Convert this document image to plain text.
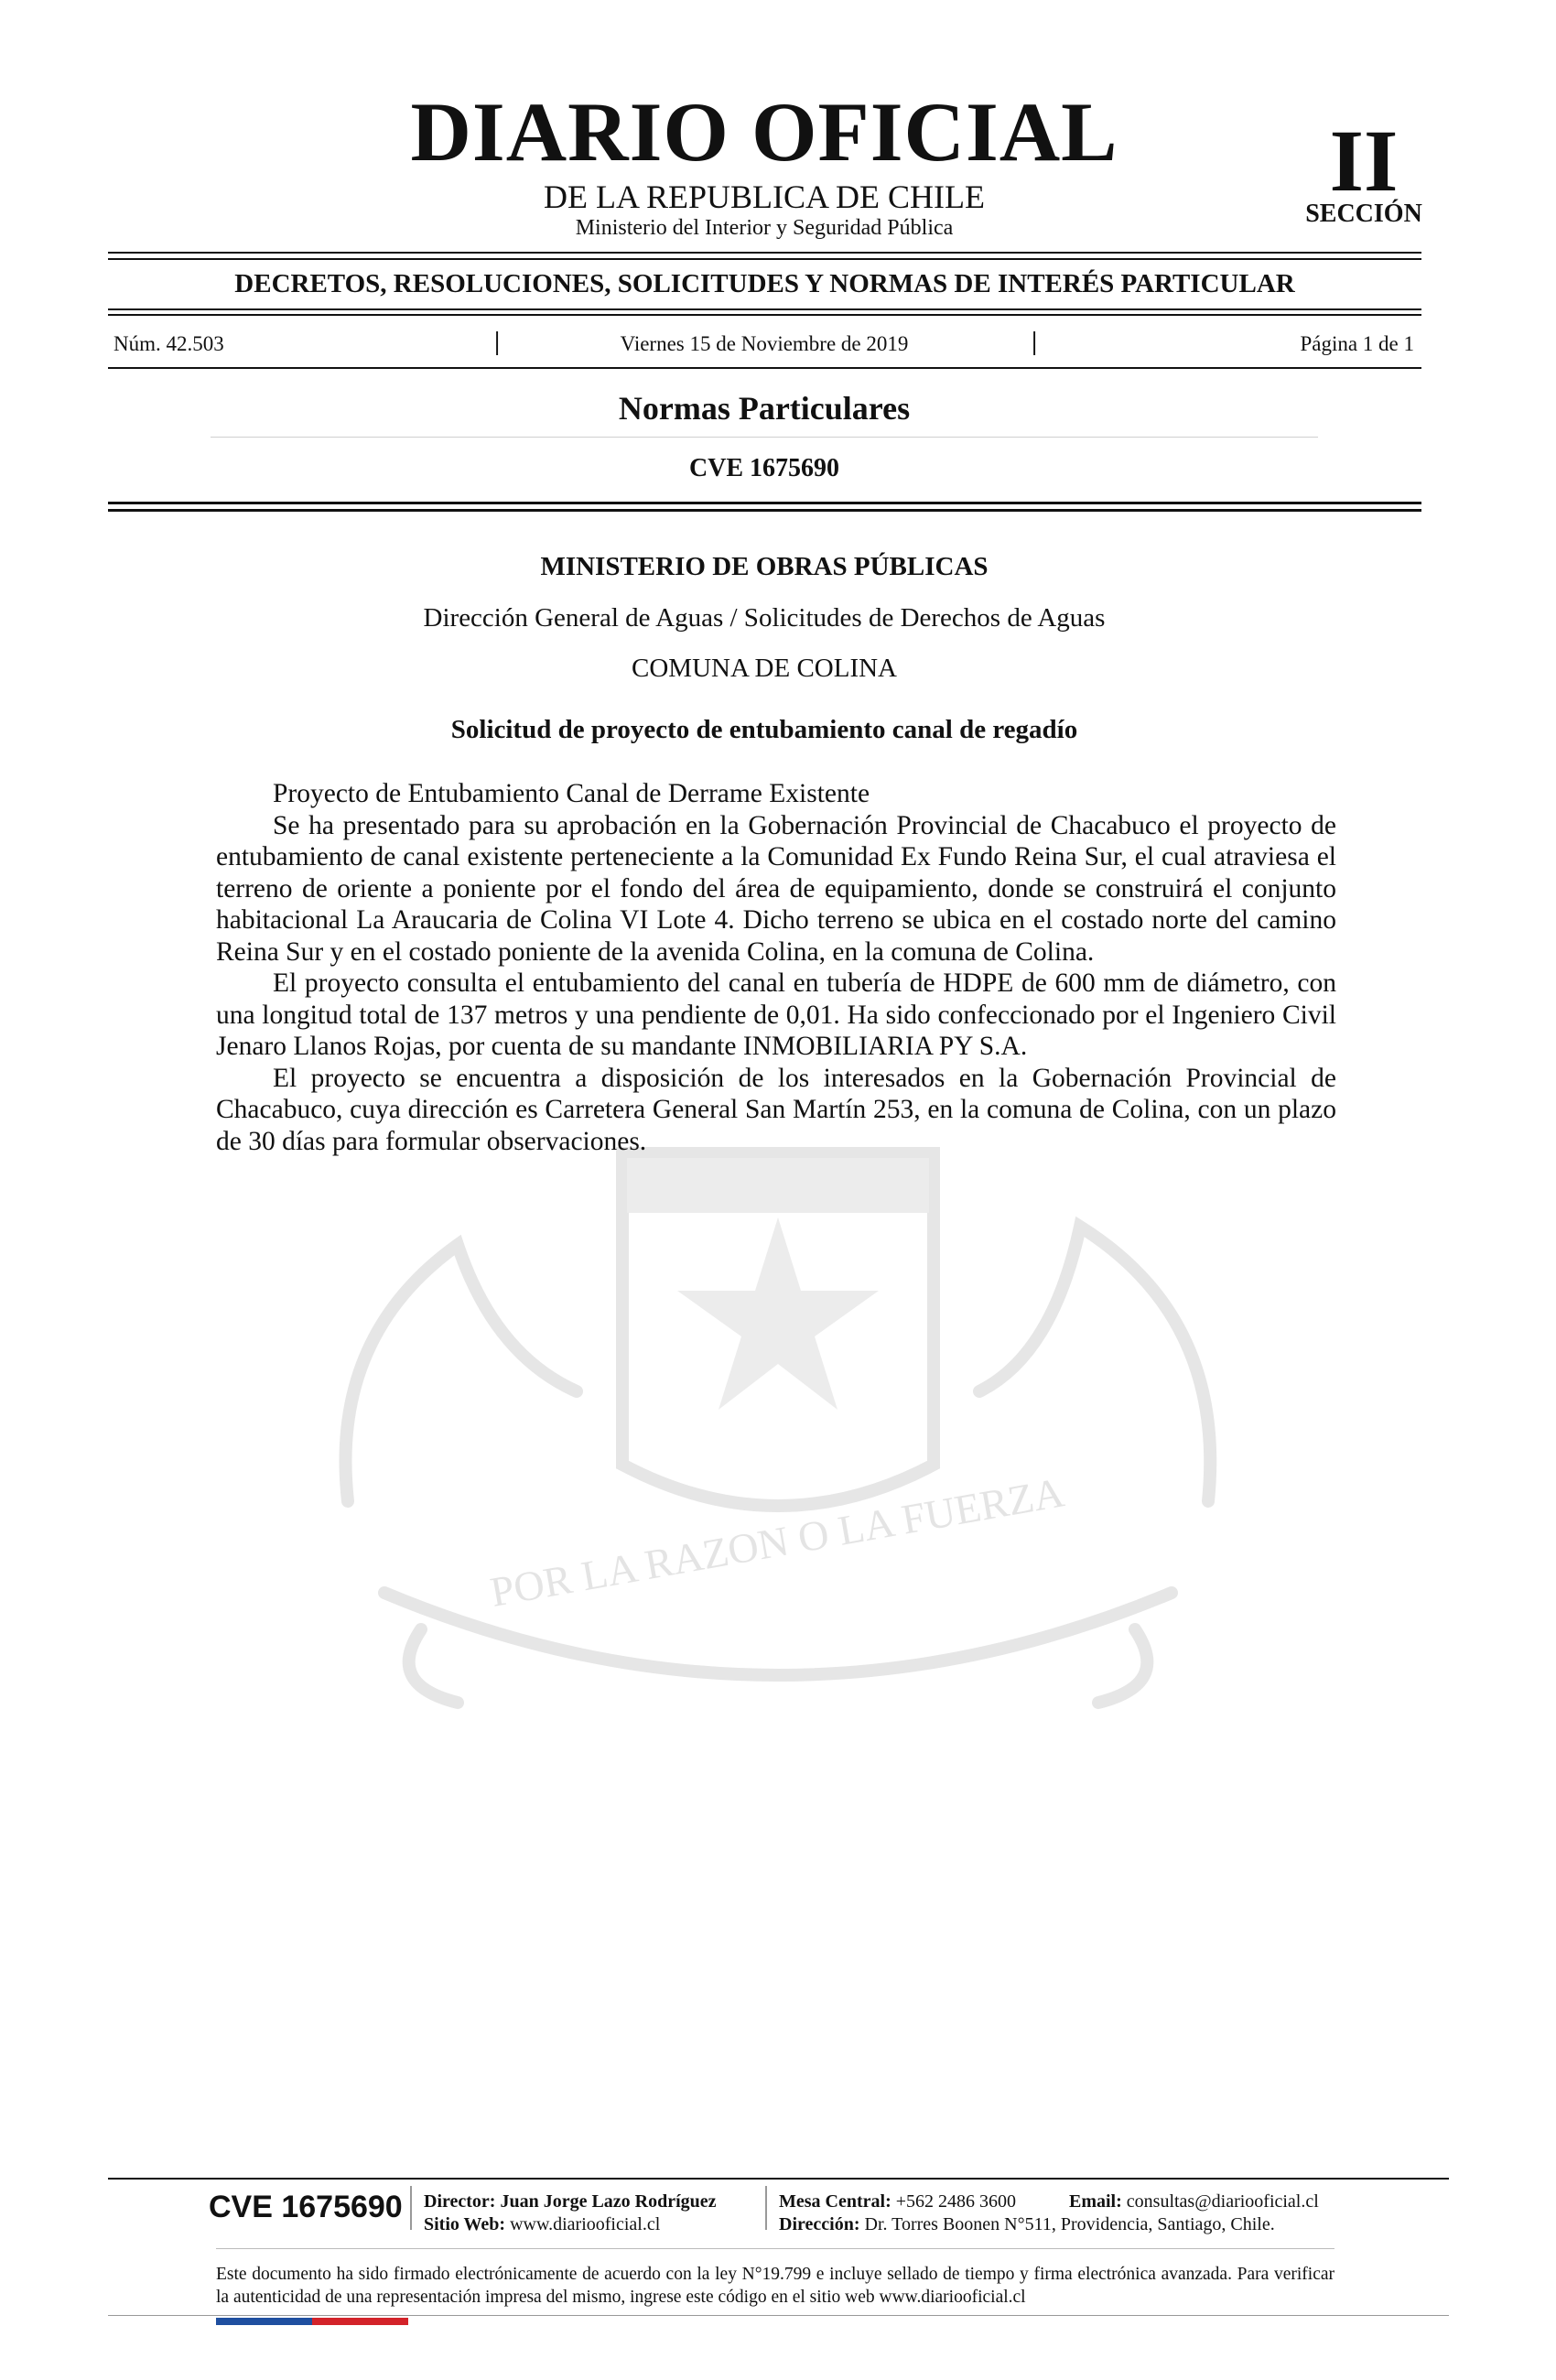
DIARIO OFICIAL
DE LA REPUBLICA DE CHILE
Ministerio del Interior y Seguridad Pública
II
SECCIÓN
DECRETOS, RESOLUCIONES, SOLICITUDES Y NORMAS DE INTERÉS PARTICULAR
Núm. 42.503	|	Viernes 15 de Noviembre de 2019	|	Página 1 de 1
Normas Particulares
CVE 1675690
POR LA RAZON O LA FUERZA
MINISTERIO DE OBRAS PÚBLICAS
Dirección General de Aguas / Solicitudes de Derechos de Aguas
COMUNA DE COLINA
Solicitud de proyecto de entubamiento canal de regadío

Proyecto de Entubamiento Canal de Derrame Existente

Se ha presentado para su aprobación en la Gobernación Provincial de Chacabuco el proyecto de entubamiento de canal existente perteneciente a la Comunidad Ex Fundo Reina Sur, el cual atraviesa el terreno de oriente a poniente por el fondo del área de equipamiento, donde se construirá el conjunto habitacional La Araucaria de Colina VI Lote 4. Dicho terreno se ubica en el costado norte del camino Reina Sur y en el costado poniente de la avenida Colina, en la comuna de Colina.

El proyecto consulta el entubamiento del canal en tubería de HDPE de 600 mm de diámetro, con una longitud total de 137 metros y una pendiente de 0,01. Ha sido confeccionado por el Ingeniero Civil Jenaro Llanos Rojas, por cuenta de su mandante INMOBILIARIA PY S.A.

El proyecto se encuentra a disposición de los interesados en la Gobernación Provincial de Chacabuco, cuya dirección es Carretera General San Martín 253, en la comuna de Colina, con un plazo de 30 días para formular observaciones.

CVE 1675690 Director: Juan Jorge Lazo Rodríguez
Sitio Web: www.diariooficial.cl
Mesa Central: +562 2486 3600	Email: consultas@diariooficial.cl
Dirección: Dr. Torres Boonen N°511, Providencia, Santiago, Chile.
Este documento ha sido firmado electrónicamente de acuerdo con la ley N°19.799 e incluye sellado de tiempo y firma electrónica avanzada. Para verificar la autenticidad de una representación impresa del mismo, ingrese este código en el sitio web www.diariooficial.cl
